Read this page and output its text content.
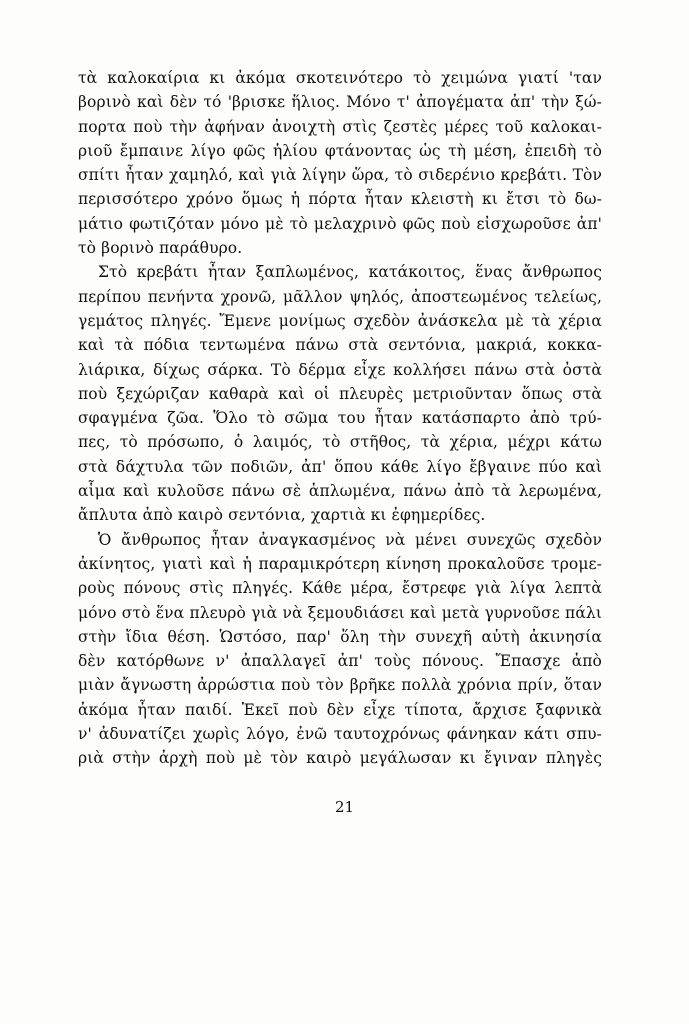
τὰ καλοκαίρια κι ἀκόμα σκοτεινότερο τὸ χειμώνα γιατί 'ταν
βορινὸ καὶ δὲν τό 'βρισκε ἥλιος. Μόνο τ' ἀπογέματα ἀπ' τὴν ξώ-
πορτα ποὺ τὴν ἀφήναν ἀνοιχτὴ στὶς ζεστὲς μέρες τοῦ καλοκαι-
ριοῦ ἔμπαινε λίγο φῶς ἡλίου φτάνοντας ὡς τὴ μέση, ἐπειδὴ τὸ
σπίτι ἦταν χαμηλό, καὶ γιὰ λίγην ὥρα, τὸ σιδερένιο κρεβάτι. Τὸν
περισσότερο χρόνο ὅμως ἡ πόρτα ἦταν κλειστὴ κι ἔτσι τὸ δω-
μάτιο φωτιζόταν μόνο μὲ τὸ μελαχρινὸ φῶς ποὺ εἰσχωροῦσε ἀπ'
τὸ βορινὸ παράθυρο.
Στὸ κρεβάτι ἦταν ξαπλωμένος, κατάκοιτος, ἕνας ἄνθρωπος
περίπου πενήντα χρονῶ, μᾶλλον ψηλός, ἀποστεωμένος τελείως,
γεμάτος πληγές. Ἔμενε μονίμως σχεδὸν ἀνάσκελα μὲ τὰ χέρια
καὶ τὰ πόδια τεντωμένα πάνω στὰ σεντόνια, μακριά, κοκκα-
λιάρικα, δίχως σάρκα. Τὸ δέρμα εἶχε κολλήσει πάνω στὰ ὀστὰ
ποὺ ξεχώριζαν καθαρὰ καὶ οἱ πλευρὲς μετριοῦνταν ὅπως στὰ
σφαγμένα ζῶα. Ὅλο τὸ σῶμα του ἦταν κατάσπαρτο ἀπὸ τρύ-
πες, τὸ πρόσωπο, ὁ λαιμός, τὸ στῆθος, τὰ χέρια, μέχρι κάτω
στὰ δάχτυλα τῶν ποδιῶν, ἀπ' ὅπου κάθε λίγο ἔβγαινε πύο καὶ
αἷμα καὶ κυλοῦσε πάνω σὲ ἁπλωμένα, πάνω ἀπὸ τὰ λερωμένα,
ἄπλυτα ἀπὸ καιρὸ σεντόνια, χαρτιὰ κι ἐφημερίδες.
Ὁ ἄνθρωπος ἦταν ἀναγκασμένος νὰ μένει συνεχῶς σχεδὸν
ἀκίνητος, γιατὶ καὶ ἡ παραμικρότερη κίνηση προκαλοῦσε τρομε-
ροὺς πόνους στὶς πληγές. Κάθε μέρα, ἔστρεφε γιὰ λίγα λεπτὰ
μόνο στὸ ἕνα πλευρὸ γιὰ νὰ ξεμουδιάσει καὶ μετὰ γυρνοῦσε πάλι
στὴν ἴδια θέση. Ὡστόσο, παρ' ὅλη τὴν συνεχῆ αὐτὴ ἀκινησία
δὲν κατόρθωνε ν' ἀπαλλαγεῖ ἀπ' τοὺς πόνους. Ἔπασχε ἀπὸ
μιὰν ἄγνωστη ἀρρώστια ποὺ τὸν βρῆκε πολλὰ χρόνια πρίν, ὅταν
ἀκόμα ἦταν παιδί. Ἐκεῖ ποὺ δὲν εἶχε τίποτα, ἄρχισε ξαφνικὰ
ν' ἀδυνατίζει χωρὶς λόγο, ἐνῶ ταυτοχρόνως φάνηκαν κάτι σπυ-
ριὰ στὴν ἀρχὴ ποὺ μὲ τὸν καιρὸ μεγάλωσαν κι ἔγιναν πληγὲς
21
